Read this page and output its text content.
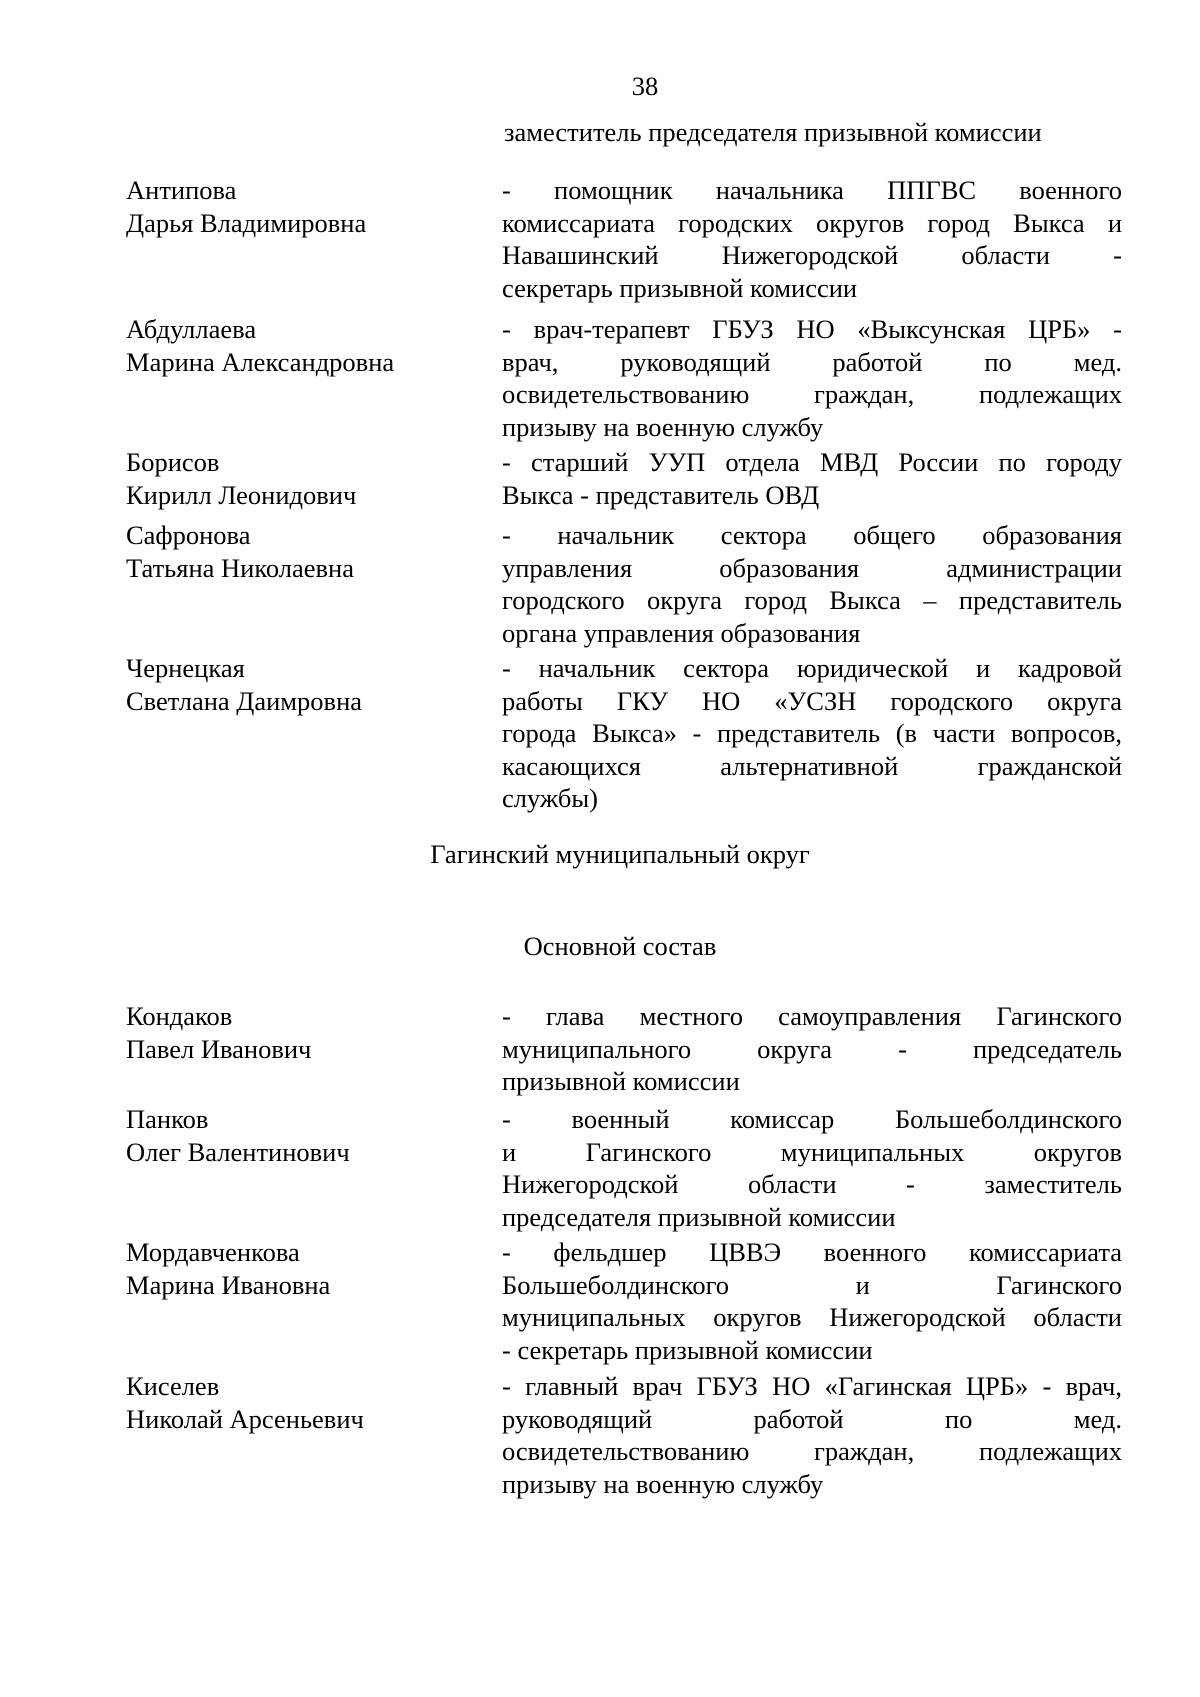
38
заместитель председателя призывной комиссии
Антипова
Дарья Владимировна
- помощник начальника ППГВС военного
комиссариата городских округов город Выкса и
Навашинский Нижегородской области -
секретарь призывной комиссии
Абдуллаева
Марина Александровна
- врач-терапевт ГБУЗ НО «Выксунская ЦРБ» -
врач, руководящий работой по мед.
освидетельствованию граждан, подлежащих
призыву на военную службу
Борисов
Кирилл Леонидович
- старший УУП отдела МВД России по городу
Выкса - представитель ОВД
Сафронова
Татьяна Николаевна
- начальник сектора общего образования
управления образования администрации
городского округа город Выкса – представитель
органа управления образования
Чернецкая
Светлана Даимровна
- начальник сектора юридической и кадровой
работы ГКУ НО «УСЗН городского округа
города Выкса» - представитель (в части вопросов,
касающихся альтернативной гражданской
службы)
Гагинский муниципальный округ
Основной состав
Кондаков
Павел Иванович
- глава местного самоуправления Гагинского
муниципального округа - председатель
призывной комиссии
Панков
Олег Валентинович
- военный комиссар Большеболдинского
и Гагинского муниципальных округов
Нижегородской области - заместитель
председателя призывной комиссии
Мордавченкова
Марина Ивановна
- фельдшер ЦВВЭ военного комиссариата
Большеболдинского и Гагинского
муниципальных округов Нижегородской области
- секретарь призывной комиссии
Киселев
Николай Арсеньевич
- главный врач ГБУЗ НО «Гагинская ЦРБ» - врач,
руководящий работой по мед.
освидетельствованию граждан, подлежащих
призыву на военную службу
